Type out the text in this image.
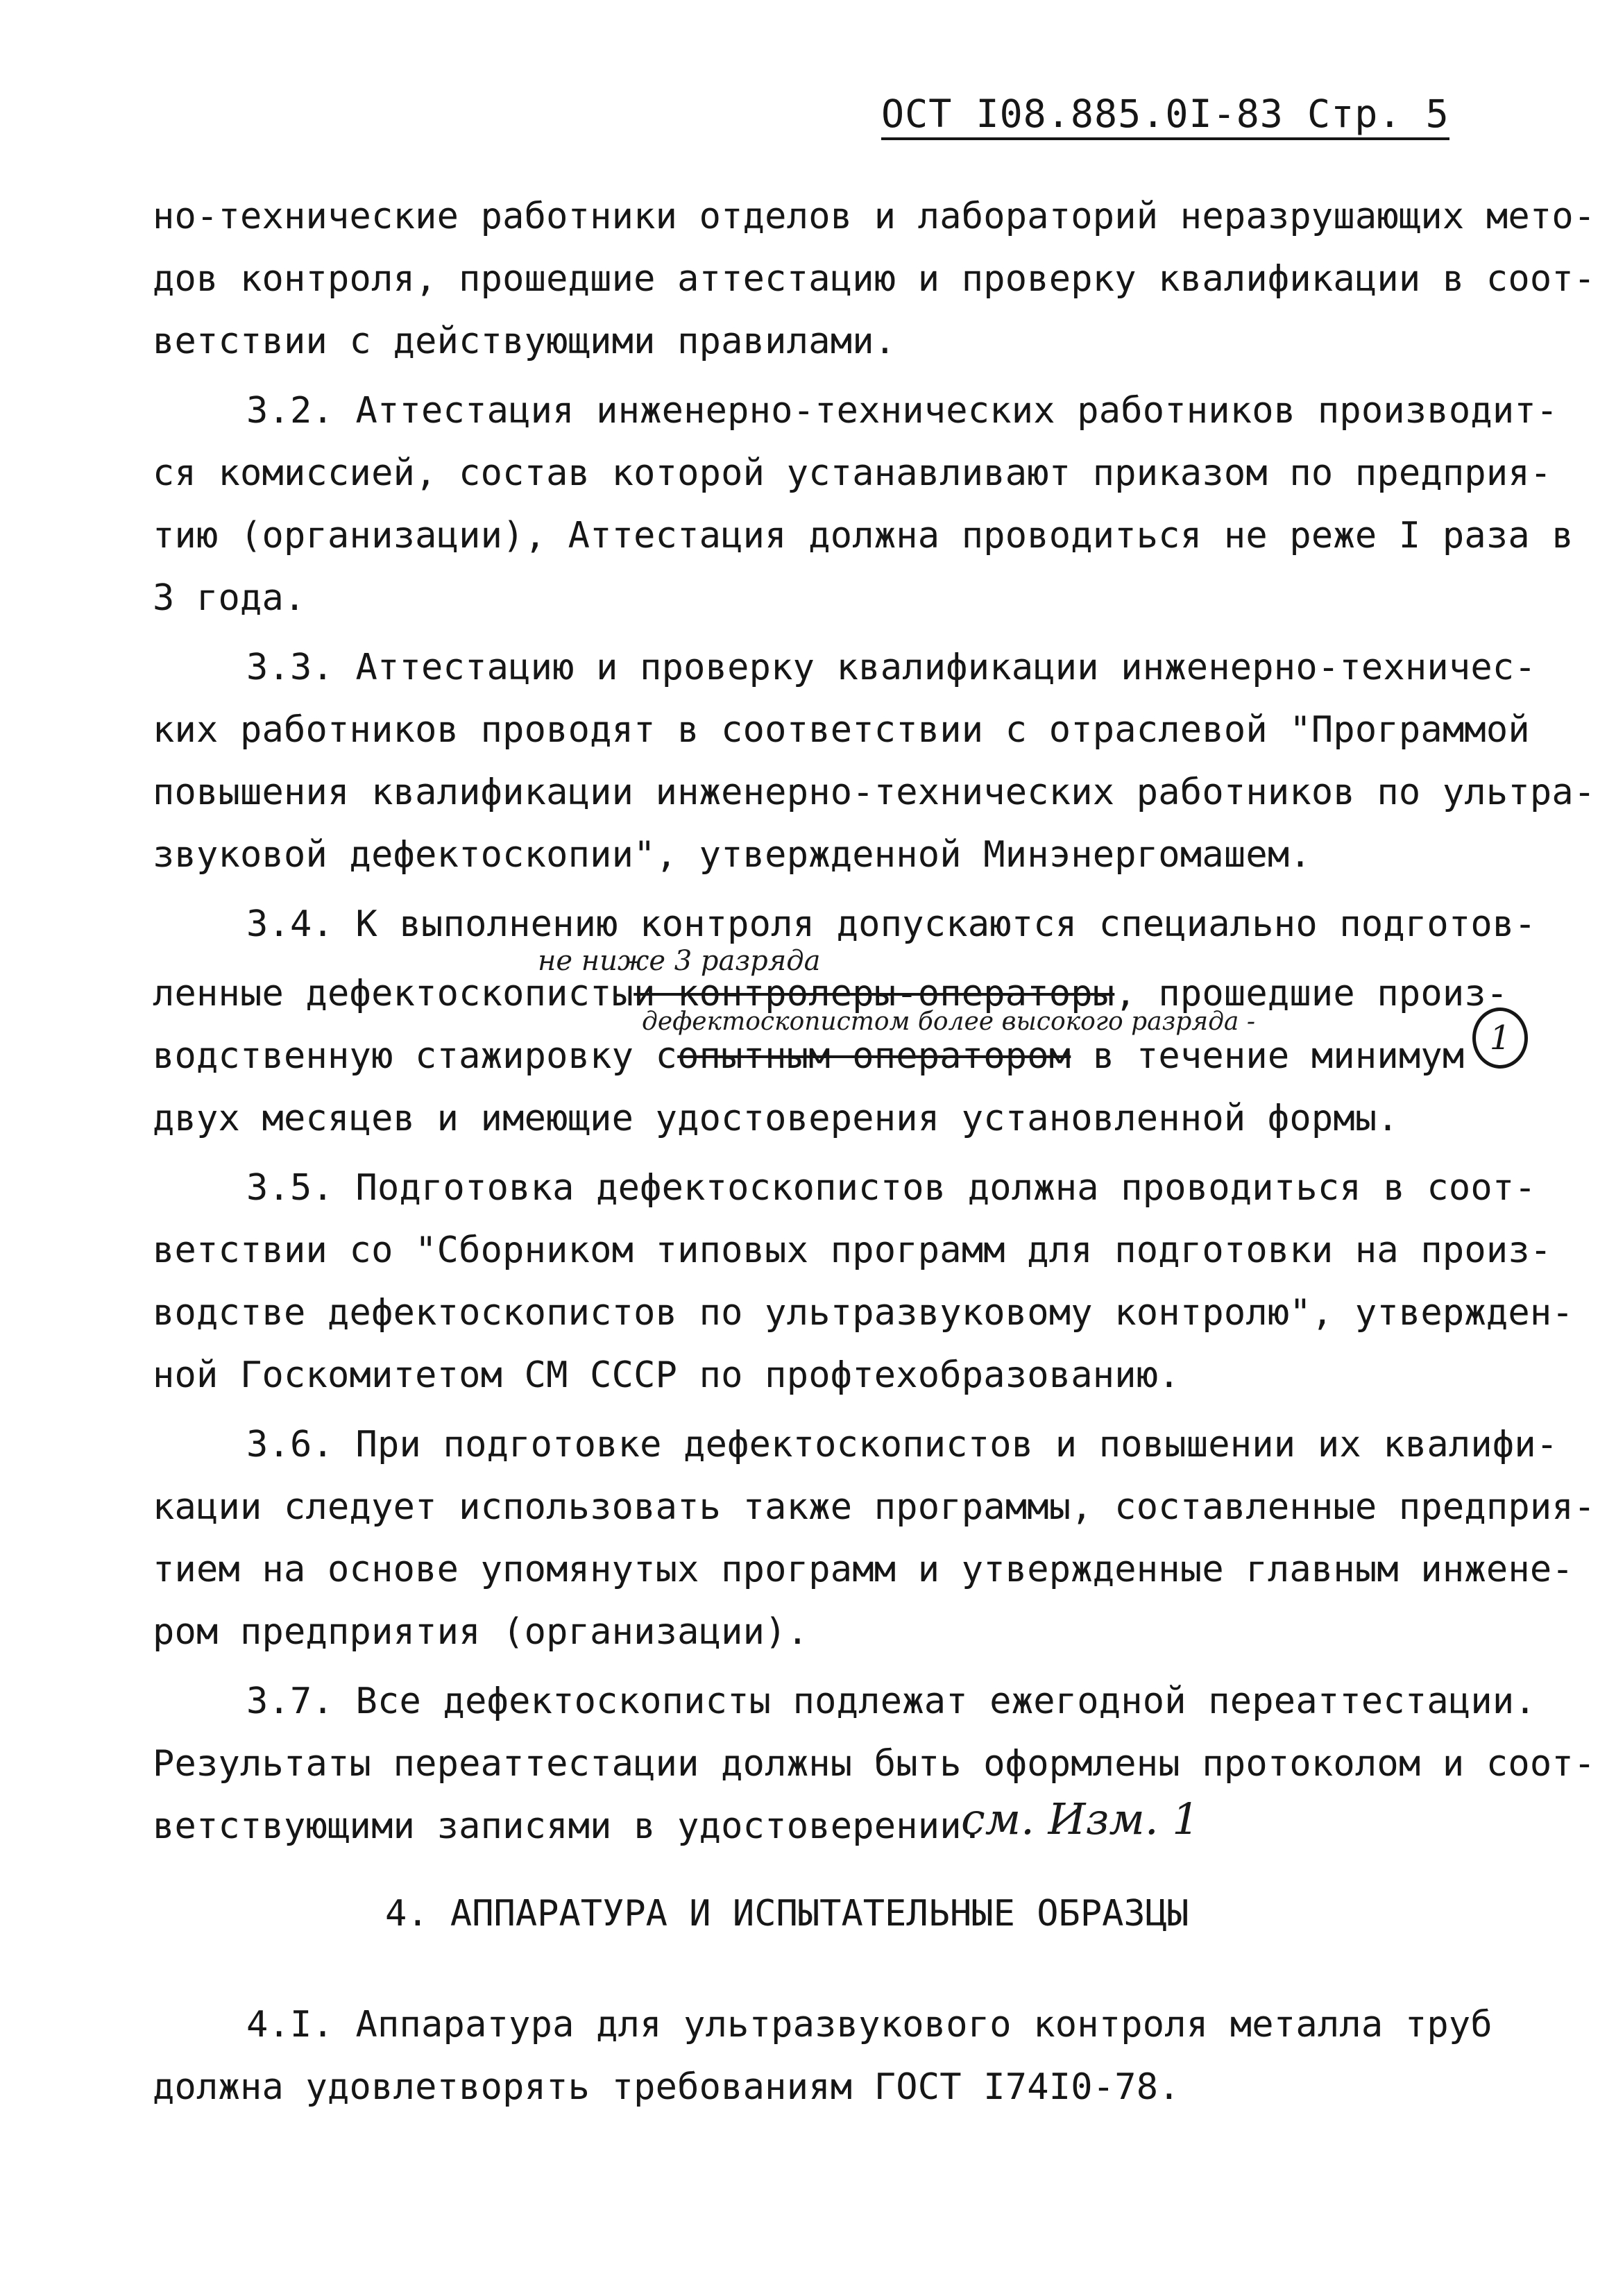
ОСТ I08.885.0I-83 Стр. 5
но-технические работники отделов и лабораторий неразрушающих мето-
дов контроля, прошедшие аттестацию и проверку квалификации в соот-
ветствии с действующими правилами.
3.2. Аттестация инженерно-технических работников производит-
ся комиссией, состав которой устанавливают приказом по предприя-
тию (организации), Аттестация должна проводиться не реже I раза в
3 года.
3.3. Аттестацию и проверку квалификации инженерно-техничес-
ких работников проводят в соответствии с отраслевой "Программой
повышения квалификации инженерно-технических работников по ультра-
звуковой дефектоскопии", утвержденной Минэнергомашем.
3.4. К выполнению контроля допускаются специально подготов-
не ниже 3 разряда
ленные дефектоскопистыи контролеры-операторы, прошедшие произ-
дефектоскопистом более высокого разряда -	1
водственную стажировку сопытным оператором в течение минимум
двух месяцев и имеющие удостоверения установленной формы.
3.5. Подготовка дефектоскопистов должна проводиться в соот-
ветствии со "Сборником типовых программ для подготовки на произ-
водстве дефектоскопистов по ультразвуковому контролю", утвержден-
ной Госкомитетом СМ СССР по профтехобразованию.
3.6. При подготовке дефектоскопистов и повышении их квалифи-
кации следует использовать также программы, составленные предприя-
тием на основе упомянутых программ и утвержденные главным инжене-
ром предприятия (организации).
3.7. Все дефектоскописты подлежат ежегодной переаттестации.
Результаты переаттестации должны быть оформлены протоколом и соот-
ветствующими записями в удостоверении.
см. Изм. 1
4. АППАРАТУРА И ИСПЫТАТЕЛЬНЫЕ ОБРАЗЦЫ
4.I. Аппаратура для ультразвукового контроля металла труб
должна удовлетворять требованиям ГОСТ I74I0-78.
